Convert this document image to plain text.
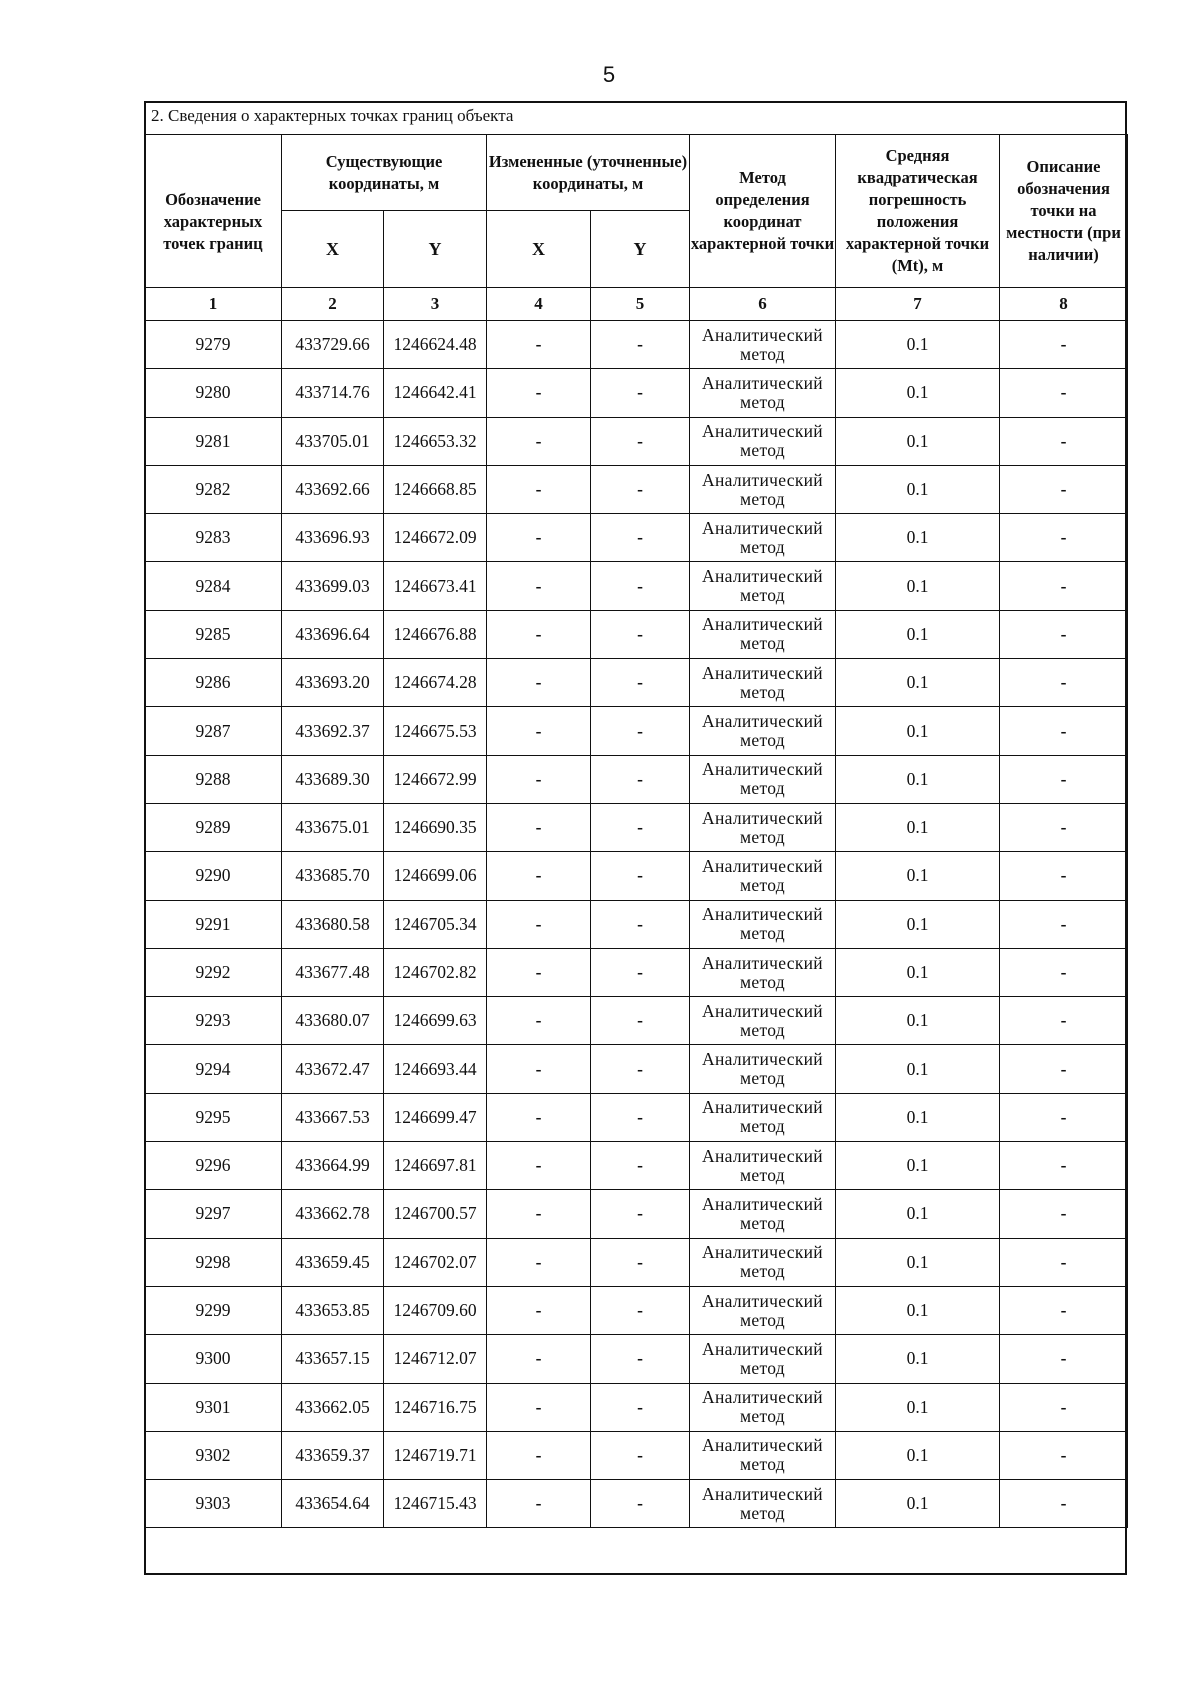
5
2. Сведения о характерных точках границ объекта
Обозначение характерных точек границ	Существующие координаты, м		Измененные (уточненные) координаты, м		Метод определения координат характерной точки	Средняя квадратическая погрешность положения характерной точки (Mt), м	Описание обозначения точки на местности (при наличии)
	X	Y	X	Y			
1	2	3	4	5	6	7	8
9279	433729.66	1246624.48	-	-	Аналитический метод	0.1	-
9280	433714.76	1246642.41	-	-	Аналитический метод	0.1	-
9281	433705.01	1246653.32	-	-	Аналитический метод	0.1	-
9282	433692.66	1246668.85	-	-	Аналитический метод	0.1	-
9283	433696.93	1246672.09	-	-	Аналитический метод	0.1	-
9284	433699.03	1246673.41	-	-	Аналитический метод	0.1	-
9285	433696.64	1246676.88	-	-	Аналитический метод	0.1	-
9286	433693.20	1246674.28	-	-	Аналитический метод	0.1	-
9287	433692.37	1246675.53	-	-	Аналитический метод	0.1	-
9288	433689.30	1246672.99	-	-	Аналитический метод	0.1	-
9289	433675.01	1246690.35	-	-	Аналитический метод	0.1	-
9290	433685.70	1246699.06	-	-	Аналитический метод	0.1	-
9291	433680.58	1246705.34	-	-	Аналитический метод	0.1	-
9292	433677.48	1246702.82	-	-	Аналитический метод	0.1	-
9293	433680.07	1246699.63	-	-	Аналитический метод	0.1	-
9294	433672.47	1246693.44	-	-	Аналитический метод	0.1	-
9295	433667.53	1246699.47	-	-	Аналитический метод	0.1	-
9296	433664.99	1246697.81	-	-	Аналитический метод	0.1	-
9297	433662.78	1246700.57	-	-	Аналитический метод	0.1	-
9298	433659.45	1246702.07	-	-	Аналитический метод	0.1	-
9299	433653.85	1246709.60	-	-	Аналитический метод	0.1	-
9300	433657.15	1246712.07	-	-	Аналитический метод	0.1	-
9301	433662.05	1246716.75	-	-	Аналитический метод	0.1	-
9302	433659.37	1246719.71	-	-	Аналитический метод	0.1	-
9303	433654.64	1246715.43	-	-	Аналитический метод	0.1	-
